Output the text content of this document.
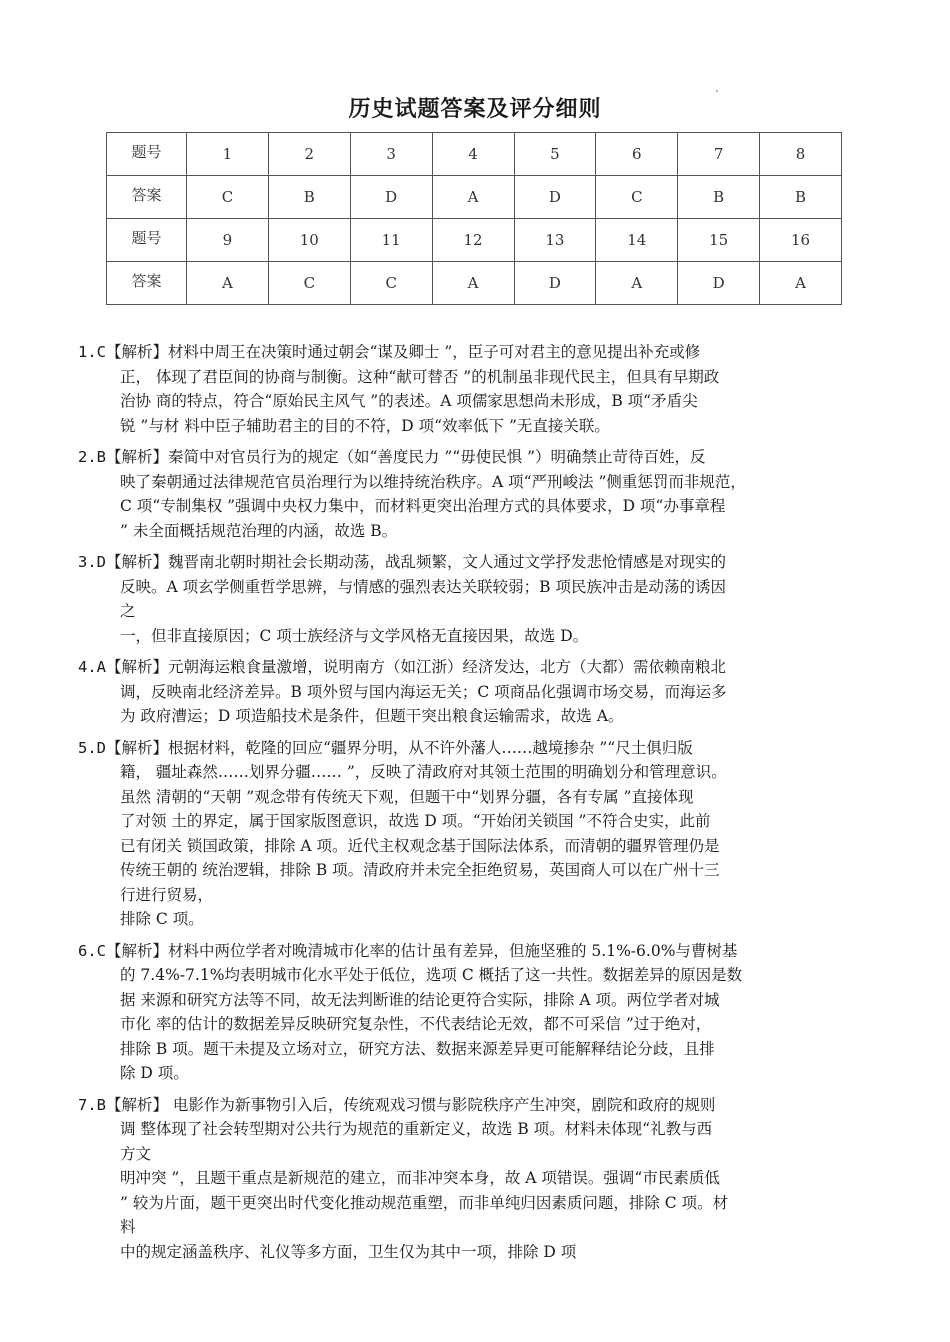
历史试题答案及评分细则
题号	1	2	3	4	5	6	7	8
答案	C	B	D	A	D	C	B	B
题号	9	10	11	12	13	14	15	16
答案	A	C	C	A	D	A	D	A
1.C【解析】材料中周王在决策时通过朝会“谋及卿士 ”，臣子可对君主的意见提出补充或修
正， 体现了君臣间的协商与制衡。这种“献可替否 ”的机制虽非现代民主，但具有早期政
治协 商的特点，符合“原始民主风气 ”的表述。A 项儒家思想尚未形成，B 项“矛盾尖
锐 ”与材 料中臣子辅助君主的目的不符，D 项“效率低下 ”无直接关联。
2.B【解析】秦简中对官员行为的规定（如“善度民力 ”“毋使民惧 ”）明确禁止苛待百姓，反
映了秦朝通过法律规范官员治理行为以维持统治秩序。A 项“严刑峻法 ”侧重惩罚而非规范，
C 项“专制集权 ”强调中央权力集中，而材料更突出治理方式的具体要求，D 项“办事章程
” 未全面概括规范治理的内涵，故选 B。
3.D【解析】魏晋南北朝时期社会长期动荡，战乱频繁，文人通过文学抒发悲怆情感是对现实的
反映。A 项玄学侧重哲学思辨，与情感的强烈表达关联较弱；B 项民族冲击是动荡的诱因
之
一，但非直接原因；C 项士族经济与文学风格无直接因果，故选 D。
4.A【解析】元朝海运粮食量激增，说明南方（如江浙）经济发达，北方（大都）需依赖南粮北
调，反映南北经济差异。B 项外贸与国内海运无关；C 项商品化强调市场交易，而海运多
为 政府漕运；D 项造船技术是条件，但题干突出粮食运输需求，故选 A。
5.D【解析】根据材料，乾隆的回应“疆界分明，从不许外藩人……越境掺杂 ”“尺土俱归版
籍， 疆址森然……划界分疆…… ”，反映了清政府对其领土范围的明确划分和管理意识。
虽然 清朝的“天朝 ”观念带有传统天下观，但题干中“划界分疆，各有专属 ”直接体现
了对领 土的界定，属于国家版图意识，故选 D 项。“开始闭关锁国 ”不符合史实，此前
已有闭关 锁国政策，排除 A 项。近代主权观念基于国际法体系，而清朝的疆界管理仍是
传统王朝的 统治逻辑，排除 B 项。清政府并未完全拒绝贸易，英国商人可以在广州十三
行进行贸易，
排除 C 项。
6.C【解析】材料中两位学者对晚清城市化率的估计虽有差异，但施坚雅的 5.1%-6.0%与曹树基
的 7.4%-7.1%均表明城市化水平处于低位，选项 C 概括了这一共性。数据差异的原因是数
据 来源和研究方法等不同，故无法判断谁的结论更符合实际，排除 A 项。两位学者对城
市化 率的估计的数据差异反映研究复杂性，不代表结论无效，都不可采信 ”过于绝对，
排除 B 项。题干未提及立场对立，研究方法、数据来源差异更可能解释结论分歧，且排
除 D 项。
7.B【解析】 电影作为新事物引入后，传统观戏习惯与影院秩序产生冲突，剧院和政府的规则
调 整体现了社会转型期对公共行为规范的重新定义，故选 B 项。材料未体现“礼教与西
方文
明冲突 ”，且题干重点是新规范的建立，而非冲突本身，故 A 项错误。强调“市民素质低
” 较为片面，题干更突出时代变化推动规范重塑，而非单纯归因素质问题，排除 C 项。材
料
中的规定涵盖秩序、礼仪等多方面，卫生仅为其中一项，排除 D 项
